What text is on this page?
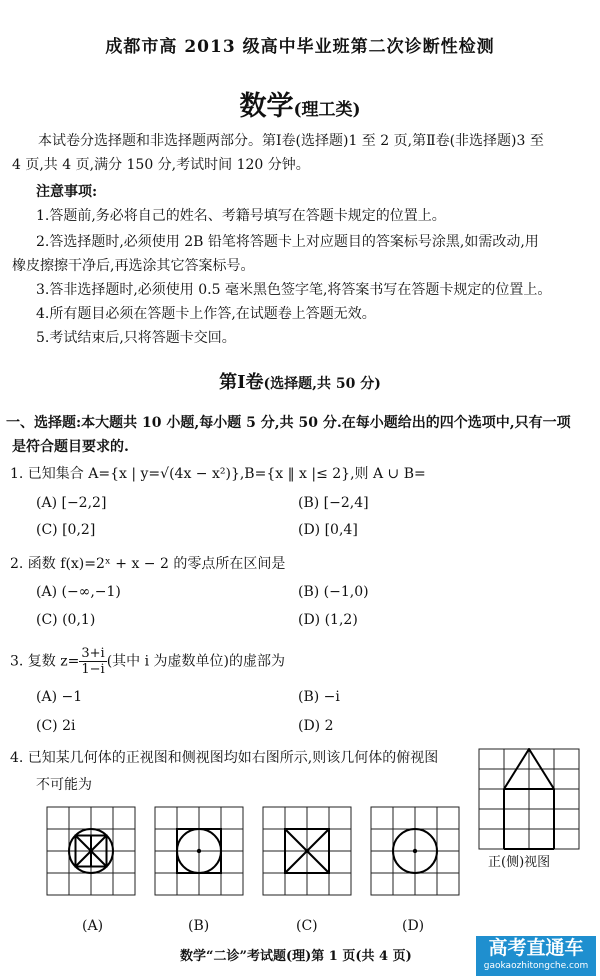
成都市高 2013 级高中毕业班第二次诊断性检测
数学(理工类)
本试卷分选择题和非选择题两部分。第Ⅰ卷(选择题)1 至 2 页,第Ⅱ卷(非选择题)3 至
4 页,共 4 页,满分 150 分,考试时间 120 分钟。
注意事项:
1.答题前,务必将自己的姓名、考籍号填写在答题卡规定的位置上。
2.答选择题时,必须使用 2B 铅笔将答题卡上对应题目的答案标号涂黑,如需改动,用
橡皮擦擦干净后,再选涂其它答案标号。
3.答非选择题时,必须使用 0.5 毫米黑色签字笔,将答案书写在答题卡规定的位置上。
4.所有题目必须在答题卡上作答,在试题卷上答题无效。
5.考试结束后,只将答题卡交回。
第Ⅰ卷(选择题,共 50 分)
一、选择题:本大题共 10 小题,每小题 5 分,共 50 分.在每小题给出的四个选项中,只有一项
是符合题目要求的.
1. 已知集合 A={x | y=√(4x − x²)},B={x ‖ x |≤ 2},则 A ∪ B=
(A) [−2,2]	(B) [−2,4]
(C) [0,2]	(D) [0,4]
2. 函数 f(x)=2ˣ + x − 2 的零点所在区间是
(A) (−∞,−1)	(B) (−1,0)
(C) (0,1)	(D) (1,2)
3. 复数 $z= \frac{3+i}{1-i}$ (其中 i 为虚数单位)的虚部为
(A) −1	(B) −i
(C) 2i	(D) 2
4. 已知某几何体的正视图和侧视图均如右图所示,则该几何体的俯视图
不可能为
正(侧)视图
(A)	(B)	(C)	(D)
数学“二诊”考试题(理)第 1 页(共 4 页)	高考直通车
gaokaozhitongche.com
